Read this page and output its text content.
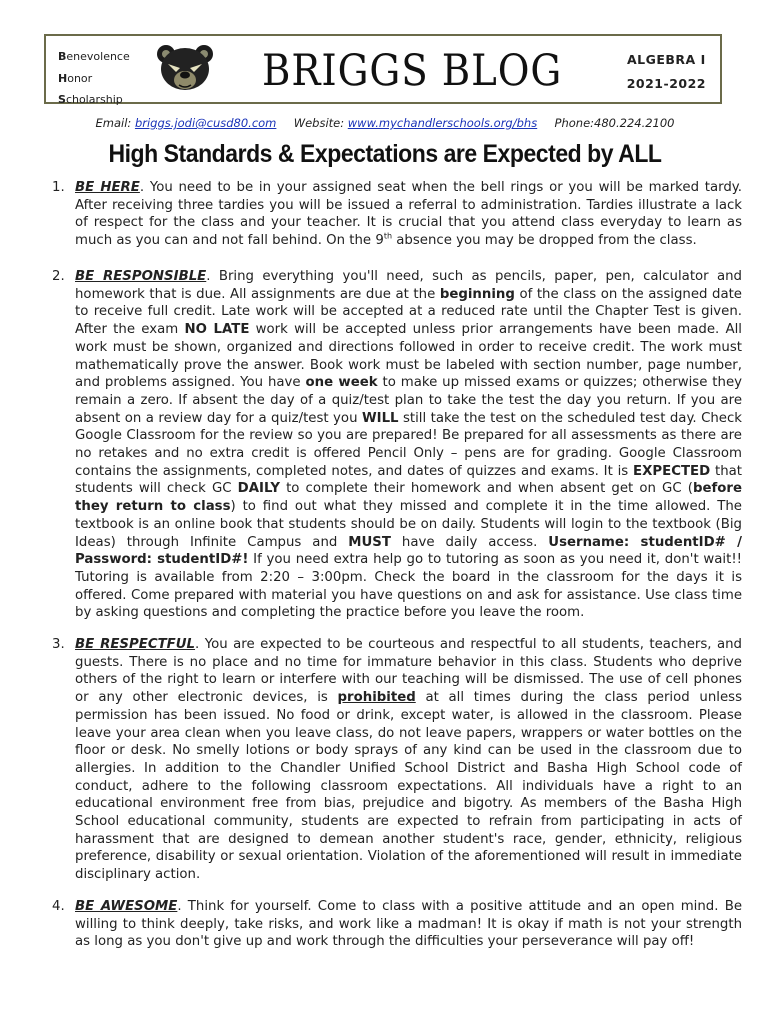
Benevolence
Honor
Scholarship
BRIGGS BLOG	ALGEBRA I
2021-2022
Email: briggs.jodi@cusd80.com Website: www.mychandlerschools.org/bhs Phone:480.224.2100
High Standards & Expectations are Expected by ALL
1. BE HERE. You need to be in your assigned seat when the bell rings or you will be marked tardy. After receiving three tardies you will be issued a referral to administration. Tardies illustrate a lack of respect for the class and your teacher. It is crucial that you attend class everyday to learn as much as you can and not fall behind. On the 9th absence you may be dropped from the class.
2. BE RESPONSIBLE. Bring everything you'll need, such as pencils, paper, pen, calculator and homework that is due. All assignments are due at the beginning of the class on the assigned date to receive full credit. Late work will be accepted at a reduced rate until the Chapter Test is given. After the exam NO LATE work will be accepted unless prior arrangements have been made. All work must be shown, organized and directions followed in order to receive credit. The work must mathematically prove the answer. Book work must be labeled with section number, page number, and problems assigned. You have one week to make up missed exams or quizzes; otherwise they remain a zero. If absent the day of a quiz/test plan to take the test the day you return. If you are absent on a review day for a quiz/test you WILL still take the test on the scheduled test day. Check Google Classroom for the review so you are prepared! Be prepared for all assessments as there are no retakes and no extra credit is offered Pencil Only – pens are for grading. Google Classroom contains the assignments, completed notes, and dates of quizzes and exams. It is EXPECTED that students will check GC DAILY to complete their homework and when absent get on GC (before they return to class) to find out what they missed and complete it in the time allowed. The textbook is an online book that students should be on daily. Students will login to the textbook (Big Ideas) through Infinite Campus and MUST have daily access. Username: studentID# / Password: studentID#! If you need extra help go to tutoring as soon as you need it, don't wait!! Tutoring is available from 2:20 – 3:00pm. Check the board in the classroom for the days it is offered. Come prepared with material you have questions on and ask for assistance. Use class time by asking questions and completing the practice before you leave the room.
3. BE RESPECTFUL. You are expected to be courteous and respectful to all students, teachers, and guests. There is no place and no time for immature behavior in this class. Students who deprive others of the right to learn or interfere with our teaching will be dismissed. The use of cell phones or any other electronic devices, is prohibited at all times during the class period unless permission has been issued. No food or drink, except water, is allowed in the classroom. Please leave your area clean when you leave class, do not leave papers, wrappers or water bottles on the floor or desk. No smelly lotions or body sprays of any kind can be used in the classroom due to allergies. In addition to the Chandler Unified School District and Basha High School code of conduct, adhere to the following classroom expectations. All individuals have a right to an educational environment free from bias, prejudice and bigotry. As members of the Basha High School educational community, students are expected to refrain from participating in acts of harassment that are designed to demean another student's race, gender, ethnicity, religious preference, disability or sexual orientation. Violation of the aforementioned will result in immediate disciplinary action.
4. BE AWESOME. Think for yourself. Come to class with a positive attitude and an open mind. Be willing to think deeply, take risks, and work like a madman! It is okay if math is not your strength as long as you don't give up and work through the difficulties your perseverance will pay off!
